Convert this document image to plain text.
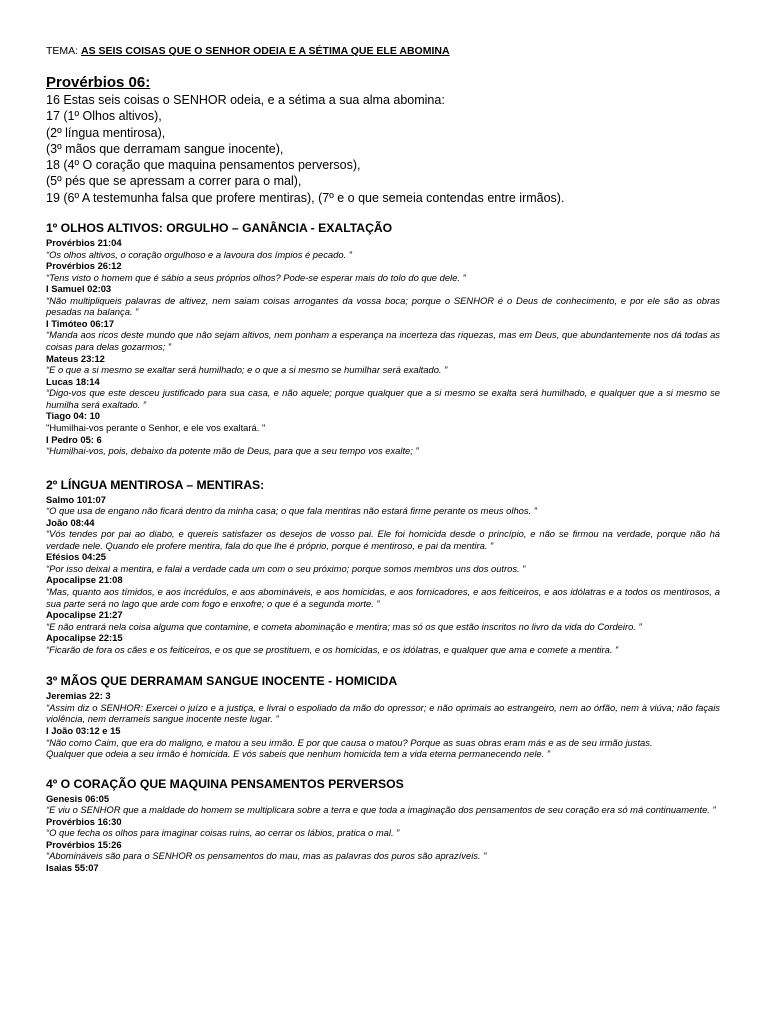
TEMA: AS SEIS COISAS QUE O SENHOR ODEIA E A SÉTIMA QUE ELE ABOMINA

Provérbios 06:

16 Estas seis coisas o SENHOR odeia, e a sétima a sua alma abomina:

17 (1º Olhos altivos),

(2º língua mentirosa),

(3º mãos que derramam sangue inocente),

18 (4º O coração que maquina pensamentos perversos),

(5º pés que se apressam a correr para o mal),

19 (6º A testemunha falsa que profere mentiras), (7º e o que semeia contendas entre irmãos).

1º OLHOS ALTIVOS: ORGULHO – GANÂNCIA - EXALTAÇÃO

Provérbios 21:04

“Os olhos altivos, o coração orgulhoso e a lavoura dos ímpios é pecado. ”

Provérbios 26:12

“Tens visto o homem que é sábio a seus próprios olhos? Pode-se esperar mais do tolo do que dele. ”

I Samuel 02:03

“Não multipliqueis palavras de altivez, nem saiam coisas arrogantes da vossa boca; porque o SENHOR é o Deus de conhecimento, e por ele são as obras pesadas na balança. ”

I Timóteo 06:17

“Manda aos ricos deste mundo que não sejam altivos, nem ponham a esperança na incerteza das riquezas, mas em Deus, que abundantemente nos dá todas as coisas para delas gozarmos; ”

Mateus 23:12

“E o que a si mesmo se exaltar será humilhado; e o que a si mesmo se humilhar será exaltado. ”

Lucas 18:14

“Digo-vos que este desceu justificado para sua casa, e não aquele; porque qualquer que a si mesmo se exalta será humilhado, e qualquer que a si mesmo se humilha será exaltado. ”

Tiago 04: 10

"Humilhai-vos perante o Senhor, e ele vos exaltará. "

I Pedro 05: 6

“Humilhai-vos, pois, debaixo da potente mão de Deus, para que a seu tempo vos exalte; ”

2º LÍNGUA MENTIROSA – MENTIRAS:

Salmo 101:07

“O que usa de engano não ficará dentro da minha casa; o que fala mentiras não estará firme perante os meus olhos. ”

João 08:44

“Vós tendes por pai ao diabo, e quereis satisfazer os desejos de vosso pai. Ele foi homicida desde o princípio, e não se firmou na verdade, porque não há verdade nele. Quando ele profere mentira, fala do que lhe é próprio, porque é mentiroso, e pai da mentira. ”

Efésios 04:25

“Por isso deixai a mentira, e falai a verdade cada um com o seu próximo; porque somos membros uns dos outros. ”

Apocalipse 21:08

“Mas, quanto aos tímidos, e aos incrédulos, e aos abomináveis, e aos homicidas, e aos fornicadores, e aos feiticeiros, e aos idólatras e a todos os mentirosos, a sua parte será no lago que arde com fogo e enxofre; o que é a segunda morte. ”

Apocalipse 21:27

“E não entrará nela coisa alguma que contamine, e cometa abominação e mentira; mas só os que estão inscritos no livro da vida do Cordeiro. ”

Apocalipse 22:15

“Ficarão de fora os cães e os feiticeiros, e os que se prostituem, e os homicidas, e os idólatras, e qualquer que ama e comete a mentira. ”

3º MÃOS QUE DERRAMAM SANGUE INOCENTE - HOMICIDA

Jeremias 22: 3

“Assim diz o SENHOR: Exercei o juízo e a justiça, e livrai o espoliado da mão do opressor; e não oprimais ao estrangeiro, nem ao órfão, nem à viúva; não façais violência, nem derrameis sangue inocente neste lugar. ”

I João 03:12 e 15

“Não como Caim, que era do maligno, e matou a seu irmão. E por que causa o matou? Porque as suas obras eram más e as de seu irmão justas.

Qualquer que odeia a seu irmão é homicida. E vós sabeis que nenhum homicida tem a vida eterna permanecendo nele. ”

4º O CORAÇÃO QUE MAQUINA PENSAMENTOS PERVERSOS

Genesis 06:05

“E viu o SENHOR que a maldade do homem se multiplicara sobre a terra e que toda a imaginação dos pensamentos de seu coração era só má continuamente. ”

Provérbios 16:30

“O que fecha os olhos para imaginar coisas ruins, ao cerrar os lábios, pratica o mal. ”

Provérbios 15:26

“Abomináveis são para o SENHOR os pensamentos do mau, mas as palavras dos puros são aprazíveis. ”

Isaias 55:07
